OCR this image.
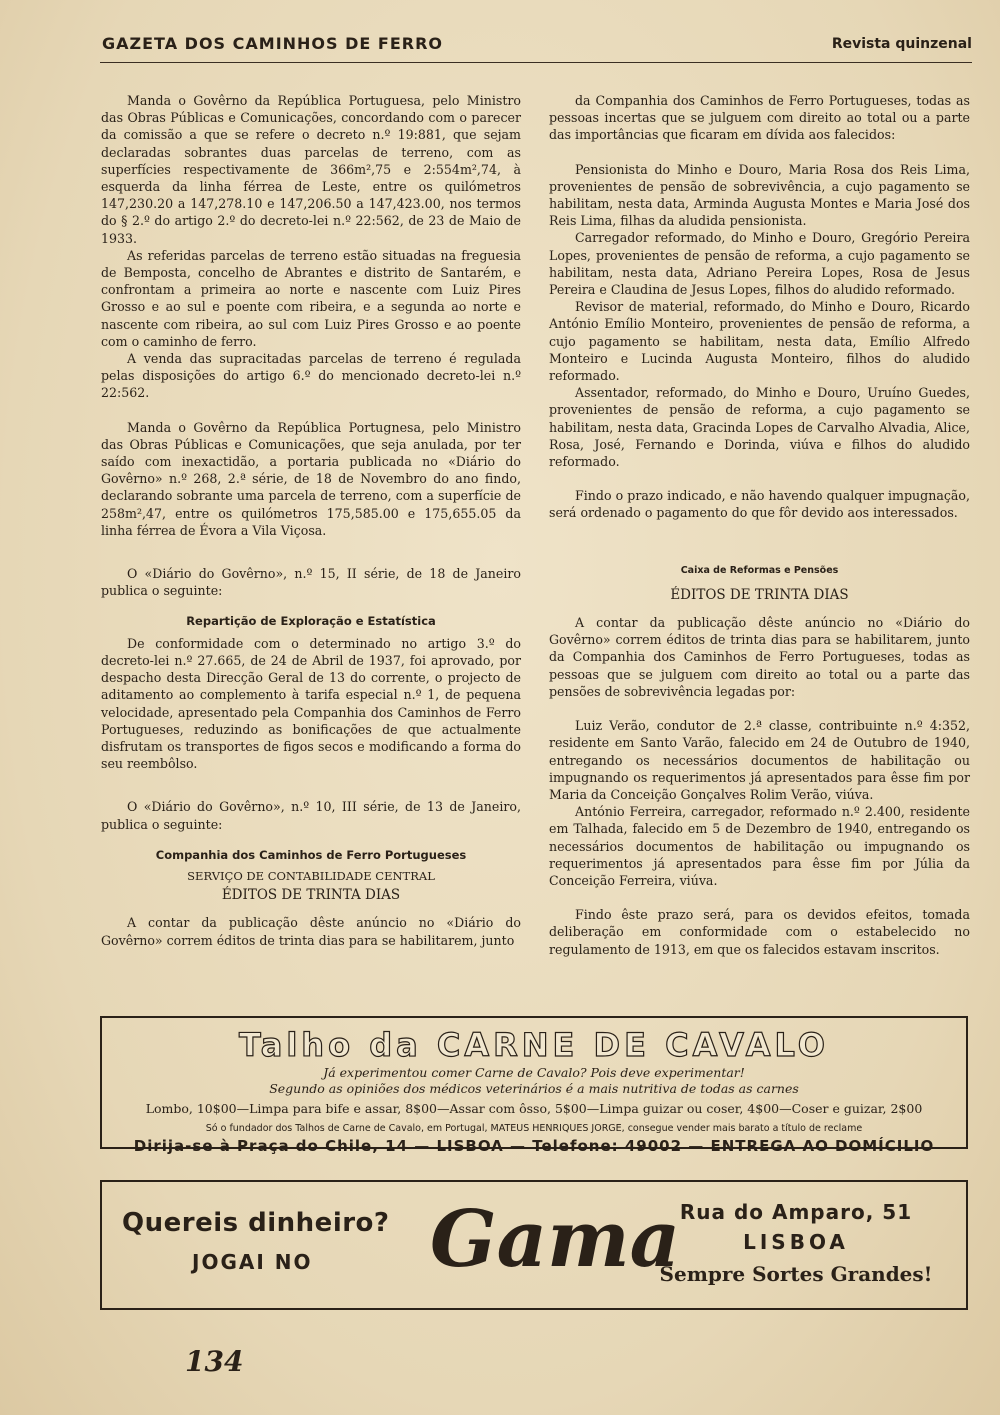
GAZETA DOS CAMINHOS DE FERRO	Revista quinzenal

Manda o Govêrno da República Portuguesa, pelo Ministro das Obras Públicas e Comunicações, concordando com o parecer da comissão a que se refere o decreto n.º 19:881, que sejam declaradas sobrantes duas parcelas de terreno, com as superfícies respectivamente de 366m²,75 e 2:554m²,74, à esquerda da linha férrea de Leste, entre os quilómetros 147,230.20 a 147,278.10 e 147,206.50 a 147,423.00, nos termos do § 2.º do artigo 2.º do decreto-lei n.º 22:562, de 23 de Maio de 1933.

As referidas parcelas de terreno estão situadas na freguesia de Bemposta, concelho de Abrantes e distrito de Santarém, e confrontam a primeira ao norte e nascente com Luiz Pires Grosso e ao sul e poente com ribeira, e a segunda ao norte e nascente com ribeira, ao sul com Luiz Pires Grosso e ao poente com o caminho de ferro.

A venda das supracitadas parcelas de terreno é regulada pelas disposições do artigo 6.º do mencionado decreto-lei n.º 22:562.

Manda o Govêrno da República Portugnesa, pelo Ministro das Obras Públicas e Comunicações, que seja anulada, por ter saído com inexactidão, a portaria publicada no «Diário do Govêrno» n.º 268, 2.ª série, de 18 de Novembro do ano findo, declarando sobrante uma parcela de terreno, com a superfície de 258m²,47, entre os quilómetros 175,585.00 e 175,655.05 da linha férrea de Évora a Vila Viçosa.

O «Diário do Govêrno», n.º 15, II série, de 18 de Janeiro publica o seguinte:

Repartição de Exploração e Estatística

De conformidade com o determinado no artigo 3.º do decreto-lei n.º 27.665, de 24 de Abril de 1937, foi aprovado, por despacho desta Direcção Geral de 13 do corrente, o projecto de aditamento ao complemento à tarifa especial n.º 1, de pequena velocidade, apresentado pela Companhia dos Caminhos de Ferro Portugueses, reduzindo as bonificações de que actualmente disfrutam os transportes de figos secos e modificando a forma do seu reembôlso.

O «Diário do Govêrno», n.º 10, III série, de 13 de Janeiro, publica o seguinte:

Companhia dos Caminhos de Ferro Portugueses

SERVIÇO DE CONTABILIDADE CENTRAL

ÉDITOS DE TRINTA DIAS

A contar da publicação dêste anúncio no «Diário do Govêrno» correm éditos de trinta dias para se habilitarem, junto

da Companhia dos Caminhos de Ferro Portugueses, todas as pessoas incertas que se julguem com direito ao total ou a parte das importâncias que ficaram em dívida aos falecidos:

Pensionista do Minho e Douro, Maria Rosa dos Reis Lima, provenientes de pensão de sobrevivência, a cujo pagamento se habilitam, nesta data, Arminda Augusta Montes e Maria José dos Reis Lima, filhas da aludida pensionista.

Carregador reformado, do Minho e Douro, Gregório Pereira Lopes, provenientes de pensão de reforma, a cujo pagamento se habilitam, nesta data, Adriano Pereira Lopes, Rosa de Jesus Pereira e Claudina de Jesus Lopes, filhos do aludido reformado.

Revisor de material, reformado, do Minho e Douro, Ricardo António Emílio Monteiro, provenientes de pensão de reforma, a cujo pagamento se habilitam, nesta data, Emílio Alfredo Monteiro e Lucinda Augusta Monteiro, filhos do aludido reformado.

Assentador, reformado, do Minho e Douro, Uruíno Guedes, provenientes de pensão de reforma, a cujo pagamento se habilitam, nesta data, Gracinda Lopes de Carvalho Alvadia, Alice, Rosa, José, Fernando e Dorinda, viúva e filhos do aludido reformado.

Findo o prazo indicado, e não havendo qualquer impugnação, será ordenado o pagamento do que fôr devido aos interessados.

Caixa de Reformas e Pensões

ÉDITOS DE TRINTA DIAS

A contar da publicação dêste anúncio no «Diário do Govêrno» correm éditos de trinta dias para se habilitarem, junto da Companhia dos Caminhos de Ferro Portugueses, todas as pessoas que se julguem com direito ao total ou a parte das pensões de sobrevivência legadas por:

Luiz Verão, condutor de 2.ª classe, contribuinte n.º 4:352, residente em Santo Varão, falecido em 24 de Outubro de 1940, entregando os necessários documentos de habilitação ou impugnando os requerimentos já apresentados para êsse fim por Maria da Conceição Gonçalves Rolim Verão, viúva.

António Ferreira, carregador, reformado n.º 2.400, residente em Talhada, falecido em 5 de Dezembro de 1940, entregando os necessários documentos de habilitação ou impugnando os requerimentos já apresentados para êsse fim por Júlia da Conceição Ferreira, viúva.

Findo êste prazo será, para os devidos efeitos, tomada deliberação em conformidade com o estabelecido no regulamento de 1913, em que os falecidos estavam inscritos.

Talho da CARNE DE CAVALO
Já experimentou comer Carne de Cavalo? Pois deve experimentar!
Segundo as opiniões dos médicos veterinários é a mais nutritiva de todas as carnes
Lombo, 10$00—Limpa para bife e assar, 8$00—Assar com ôsso, 5$00—Limpa guizar ou coser, 4$00—Coser e guizar, 2$00
Só o fundador dos Talhos de Carne de Cavalo, em Portugal, MATEUS HENRIQUES JORGE, consegue vender mais barato a título de reclame
Dirija-se à Praça do Chile, 14 — LISBOA — Telefone: 49002 — ENTREGA AO DOMÍCILIO
Quereis dinheiro?
JOGAI NO Gama Rua do Amparo, 51
LISBOA
Sempre Sortes Grandes!
134
